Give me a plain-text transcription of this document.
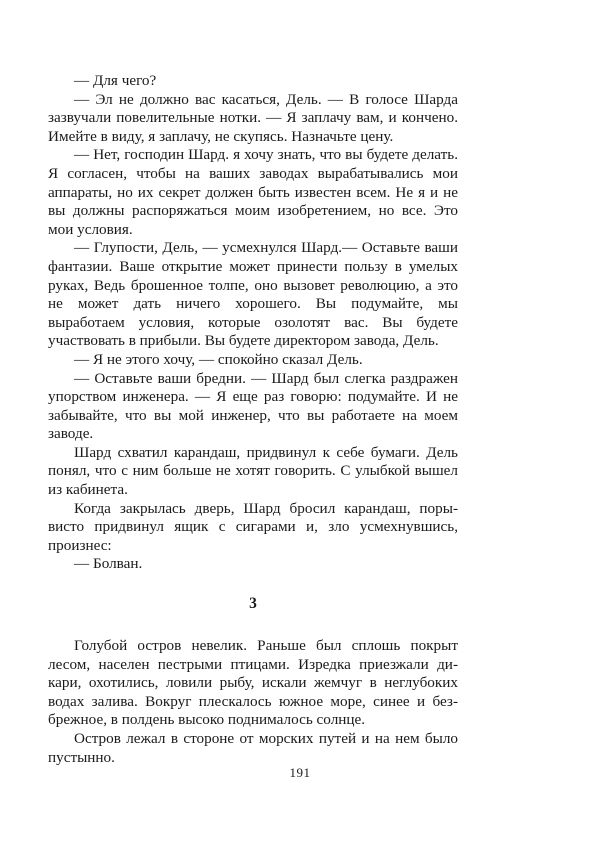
— Для чего?

— Эл не должно вас касаться, Дель. — В голосе Шарда зазвучали повелительные нотки. — Я заплачу вам, и кончено. Имейте в виду, я заплачу, не скупясь. Назначьте цену.

— Нет, господин Шард. я хочу знать, что вы будете делать. Я согласен, чтобы на ваших заводах вырабатывались мои аппараты, но их секрет должен быть известен всем. Не я и не вы должны распоряжаться моим изобретением, но все. Это мои условия.

— Глупости, Дель, — усмехнулся Шард.— Оставьте ваши фантазии. Ваше открытие может принести пользу в умелых руках, Ведь брошенное толпе, оно вызовет революцию, а это не может дать ничего хорошего. Вы подумайте, мы выработаем условия, которые озолотят вас. Вы будете участвовать в прибыли. Вы будете директором завода, Дель.

— Я не этого хочу, — спокойно сказал Дель.

— Оставьте ваши бредни. — Шард был слегка раздражен упорством инженера. — Я еще раз говорю: подумайте. И не забывайте, что вы мой инженер, что вы работаете на моем заводе.

Шард схватил карандаш, придвинул к себе бумаги. Дель понял, что с ним больше не хотят говорить. С улыбкой вышел из кабинета.

Когда закрылась дверь, Шард бросил карандаш, порывисто придвинул ящик с сигарами и, зло усмехнувшись, произнес:

— Болван.

3

Голубой остров невелик. Раньше был сплошь покрыт лесом, населен пестрыми птицами. Изредка приезжали дикари, охотились, ловили рыбу, искали жемчуг в неглубоких водах залива. Вокруг плескалось южное море, синее и безбрежное, в полдень высоко поднималось солнце.

Остров лежал в стороне от морских путей и на нем было пустынно.

191
